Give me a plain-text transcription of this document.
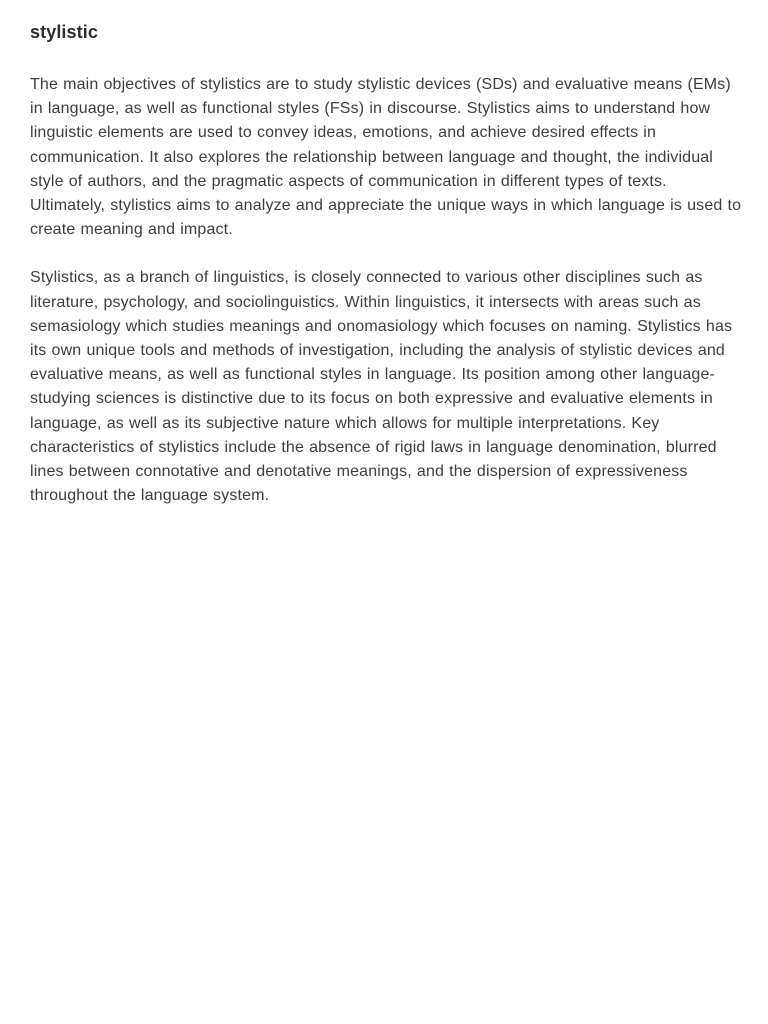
stylistic

The main objectives of stylistics are to study stylistic devices (SDs) and evaluative means (EMs) in language, as well as functional styles (FSs) in discourse. Stylistics aims to understand how linguistic elements are used to convey ideas, emotions, and achieve desired effects in communication. It also explores the relationship between language and thought, the individual style of authors, and the pragmatic aspects of communication in different types of texts. Ultimately, stylistics aims to analyze and appreciate the unique ways in which language is used to create meaning and impact.

Stylistics, as a branch of linguistics, is closely connected to various other disciplines such as literature, psychology, and sociolinguistics. Within linguistics, it intersects with areas such as semasiology which studies meanings and onomasiology which focuses on naming. Stylistics has its own unique tools and methods of investigation, including the analysis of stylistic devices and evaluative means, as well as functional styles in language. Its position among other language-studying sciences is distinctive due to its focus on both expressive and evaluative elements in language, as well as its subjective nature which allows for multiple interpretations. Key characteristics of stylistics include the absence of rigid laws in language denomination, blurred lines between connotative and denotative meanings, and the dispersion of expressiveness throughout the language system.
